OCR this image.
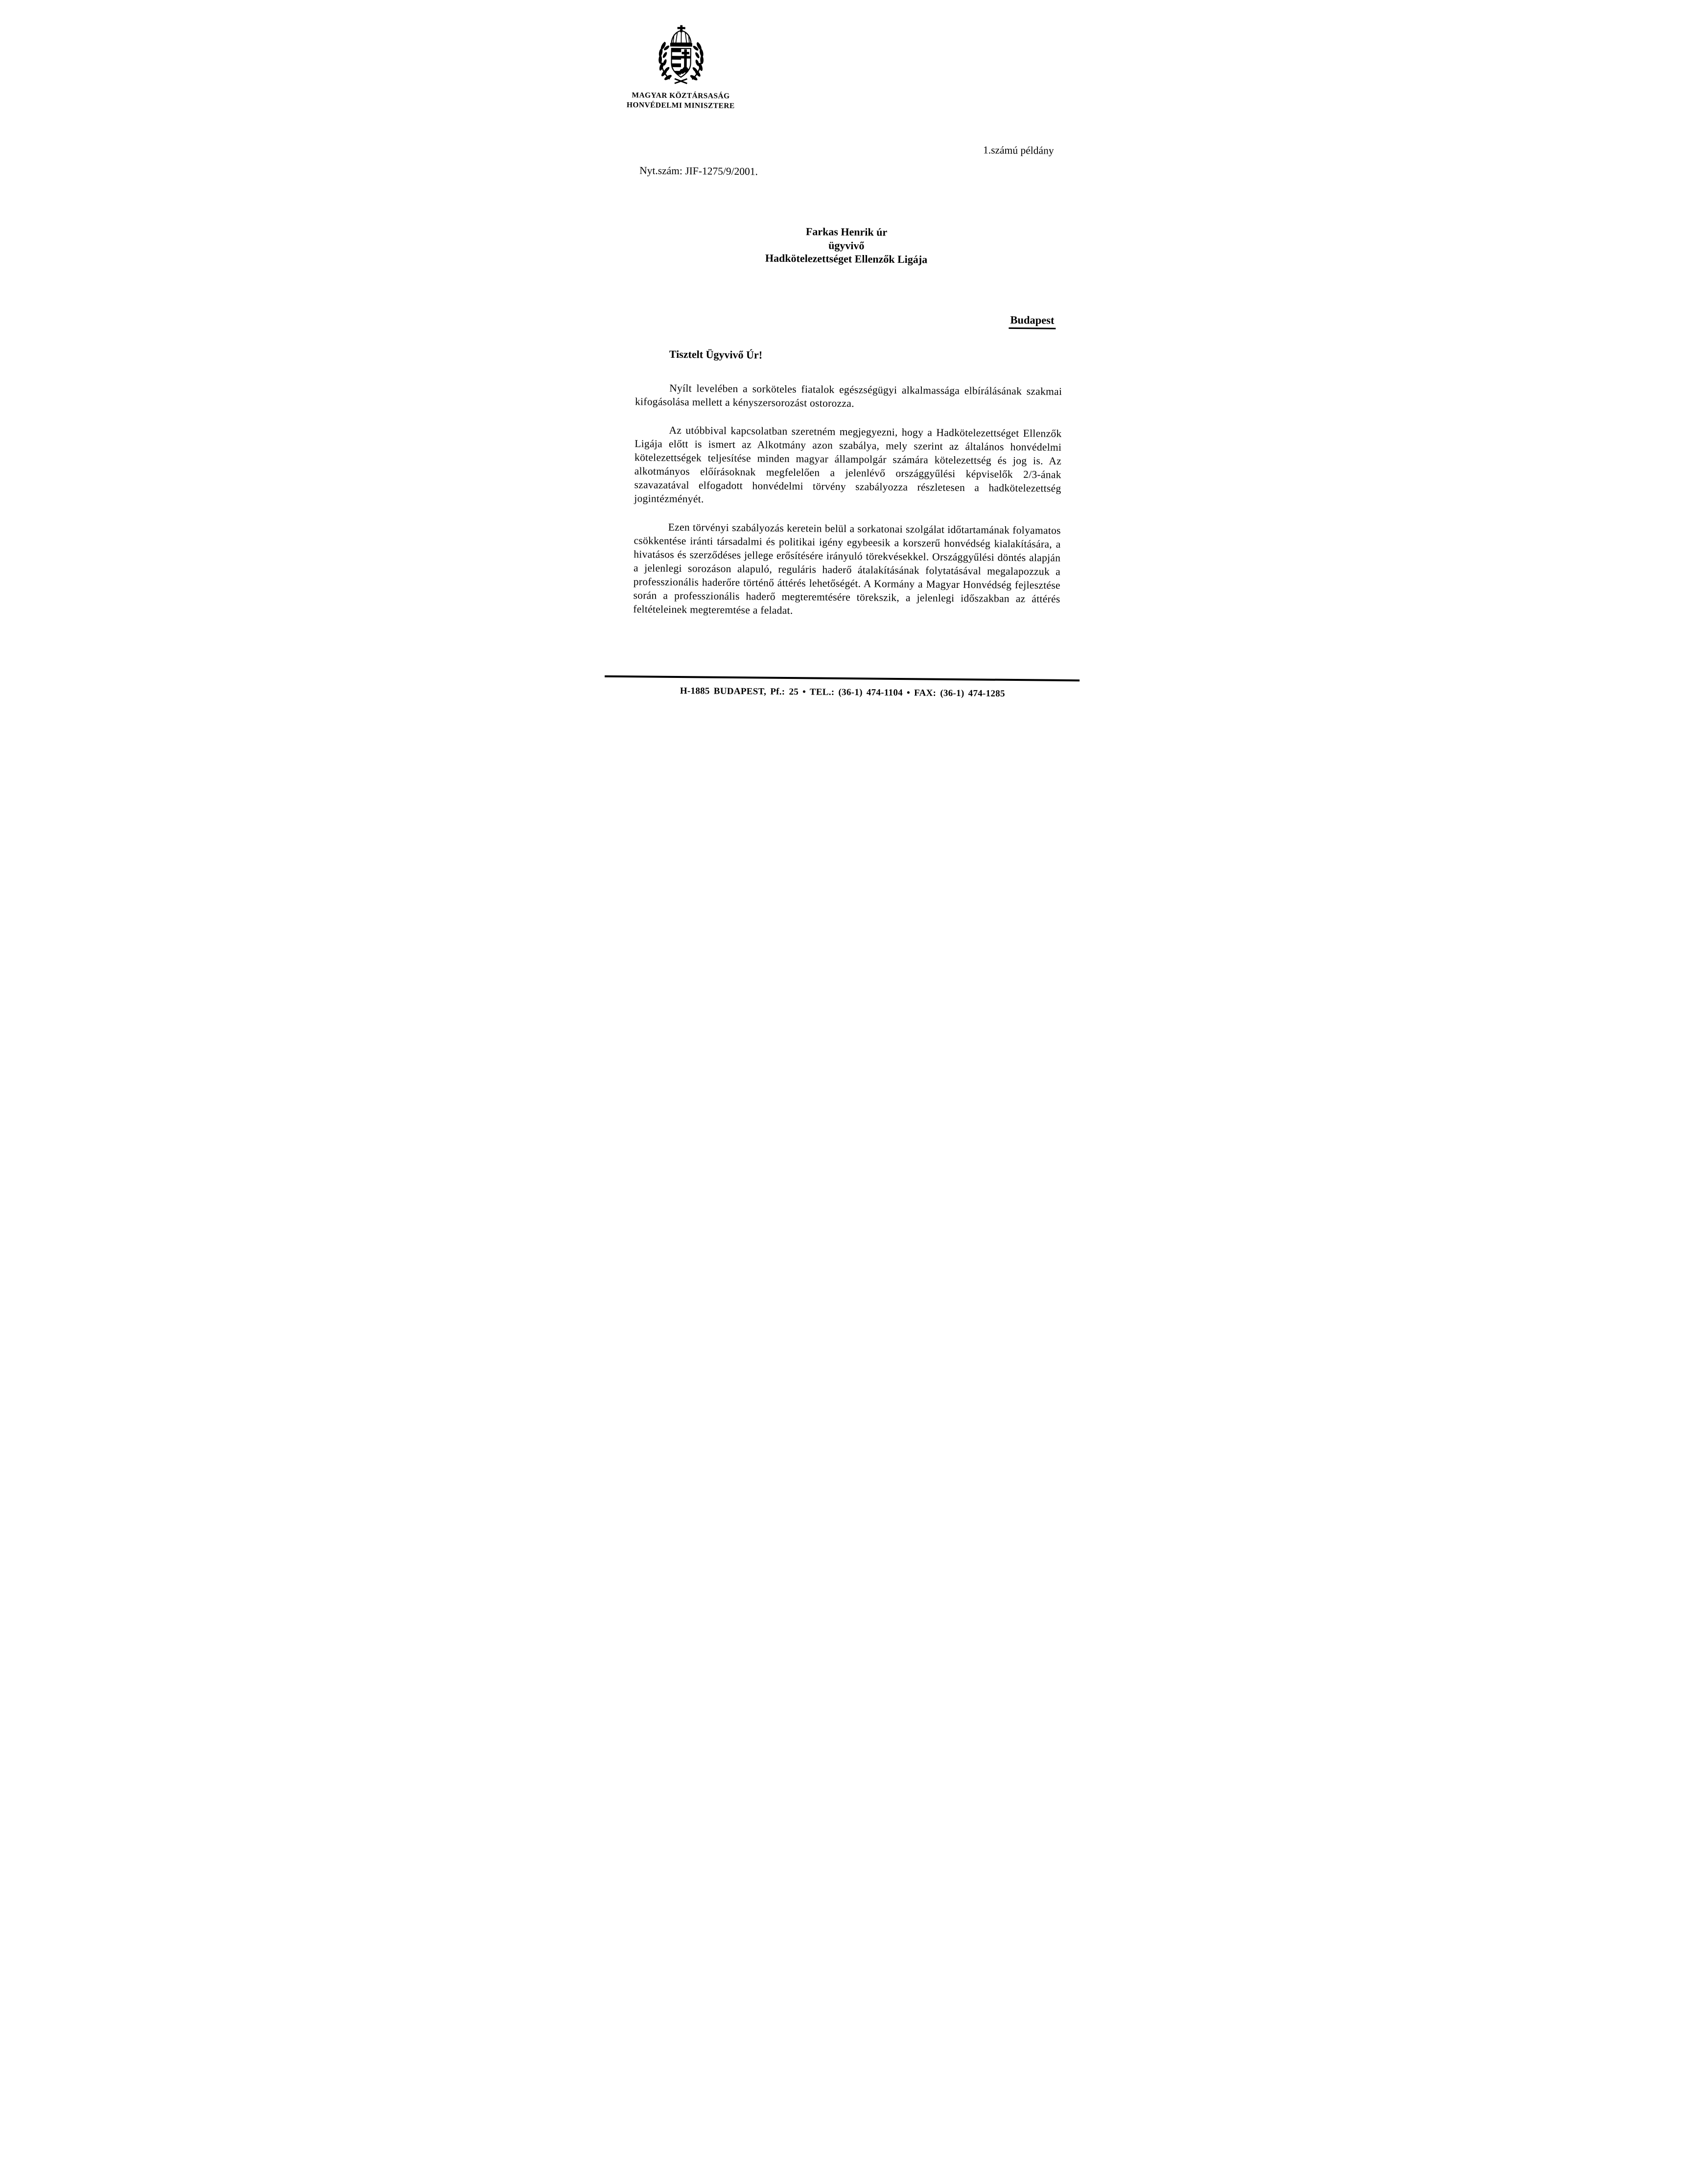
MAGYAR KÖZTÁRSASÁG
HONVÉDELMI MINISZTERE
1.számú példány
Nyt.szám: JIF-1275/9/2001.
Farkas Henrik úr
ügyvivő
Hadkötelezettséget Ellenzők Ligája
Budapest
Tisztelt Ügyvivő Úr!

Nyílt levelében a sorköteles fiatalok egészségügyi alkalmassága elbírálásának szakmai kifogásolása mellett a kényszersorozást ostorozza.

Az utóbbival kapcsolatban szeretném megjegyezni, hogy a Hadkötelezettséget Ellenzők Ligája előtt is ismert az Alkotmány azon szabálya, mely szerint az általános honvédelmi kötelezettségek teljesítése minden magyar állampolgár számára kötelezettség és jog is. Az alkotmányos előírásoknak megfelelően a jelenlévő országgyűlési képviselők 2/3-ának szavazatával elfogadott honvédelmi törvény szabályozza részletesen a hadkötelezettség jogintézményét.

Ezen törvényi szabályozás keretein belül a sorkatonai szolgálat időtartamának folyamatos csökkentése iránti társadalmi és politikai igény egybeesik a korszerű honvédség kialakítására, a hivatásos és szerződéses jellege erősítésére irányuló törekvésekkel. Országgyűlési döntés alapján a jelenlegi sorozáson alapuló, reguláris haderő átalakításának folytatásával megalapozzuk a professzionális haderőre történő áttérés lehetőségét. A Kormány a Magyar Honvédség fejlesztése során a professzionális haderő megteremtésére törekszik, a jelenlegi időszakban az áttérés feltételeinek megteremtése a feladat.

H-1885 BUDAPEST, Pf.: 25 • TEL.: (36-1) 474-1104 • FAX: (36-1) 474-1285
